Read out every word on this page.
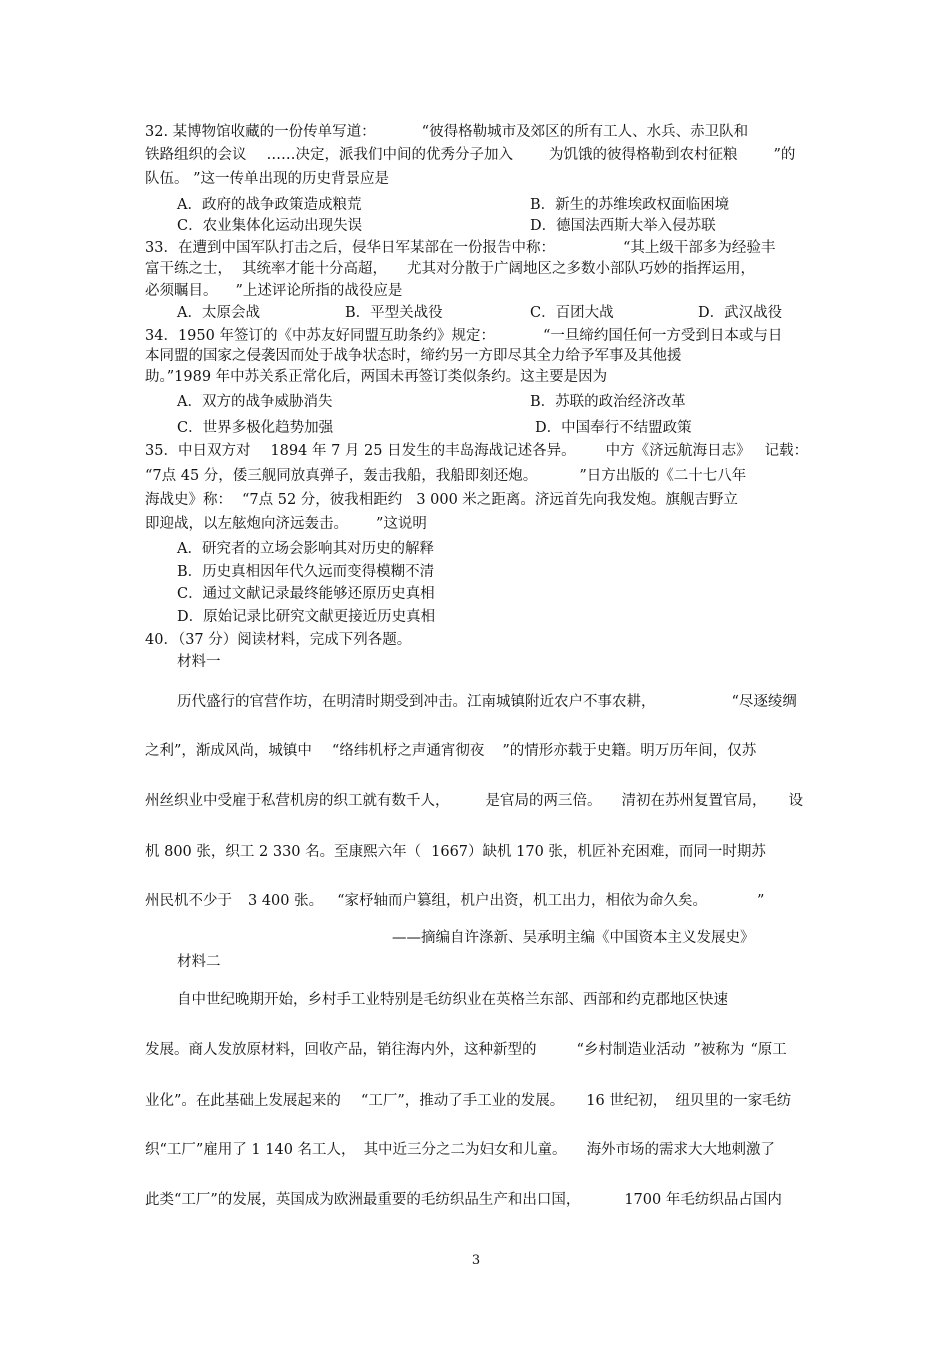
32. 某博物馆收藏的一份传单写道：	“彼得格勒城市及郊区的所有工人、水兵、赤卫队和
铁路组织的会议 ……决定，派我们中间的优秀分子加入 为饥饿的彼得格勒到农村征粮 ”的
队伍。 ”这一传单出现的历史背景应是
A．政府的战争政策造成粮荒	B．新生的苏维埃政权面临困境
C．农业集体化运动出现失误	D．德国法西斯大举入侵苏联
33．在遭到中国军队打击之后，侵华日军某部在一份报告中称：	“其上级干部多为经验丰
富干练之士， 其统率才能十分高超， 尤其对分散于广阔地区之多数小部队巧妙的指挥运用，
必须瞩目。 ”上述评论所指的战役应是
A．太原会战	B．平型关战役	C．百团大战	D．武汉战役
34．1950 年签订的《中苏友好同盟互助条约》规定：	“一旦缔约国任何一方受到日本或与日
本同盟的国家之侵袭因而处于战争状态时，缔约另一方即尽其全力给予军事及其他援
助。”1989 年中苏关系正常化后，两国未再签订类似条约。这主要是因为
A．双方的战争威胁消失	B．苏联的政治经济改革
C．世界多极化趋势加强	D．中国奉行不结盟政策
35．中日双方对 1894 年 7 月 25 日发生的丰岛海战记述各异。 中方《济远航海日志》 记载：
“7点 45 分，倭三舰同放真弹子，轰击我船，我船即刻还炮。	”日方出版的《二十七八年
海战史》称： “7点 52 分，彼我相距约 3 000 米之距离。济远首先向我发炮。旗舰吉野立
即迎战，以左舷炮向济远轰击。 ”这说明
A．研究者的立场会影响其对历史的解释
B．历史真相因年代久远而变得模糊不清
C．通过文献记录最终能够还原历史真相
D．原始记录比研究文献更接近历史真相
40．（37 分）阅读材料，完成下列各题。
材料一
历代盛行的官营作坊，在明清时期受到冲击。江南城镇附近农户不事农耕，	“尽逐绫绸
之利”，渐成风尚，城镇中 “络纬机杼之声通宵彻夜 ”的情形亦载于史籍。明万历年间，仅苏
州丝织业中受雇于私营机房的织工就有数千人， 是官局的两三倍。 清初在苏州复置官局， 设
机 800 张，织工 2 330 名。至康熙六年（ 1667）缺机 170 张，机匠补充困难，而同一时期苏
州民机不少于 3 400 张。 “家杼轴而户篡组，机户出资，机工出力，相依为命久矣。	”
——摘编自许涤新、吴承明主编《中国资本主义发展史》
材料二
自中世纪晚期开始，乡村手工业特别是毛纺织业在英格兰东部、西部和约克郡地区快速
发展。商人发放原材料，回收产品，销往海内外，这种新型的	“乡村制造业活动 ”被称为 “原工
业化”。在此基础上发展起来的 “工厂”，推动了手工业的发展。 16 世纪初， 纽贝里的一家毛纺
织“工厂”雇用了 1 140 名工人， 其中近三分之二为妇女和儿童。 海外市场的需求大大地刺激了
此类“工厂”的发展，英国成为欧洲最重要的毛纺织品生产和出口国，	1700 年毛纺织品占国内
3
